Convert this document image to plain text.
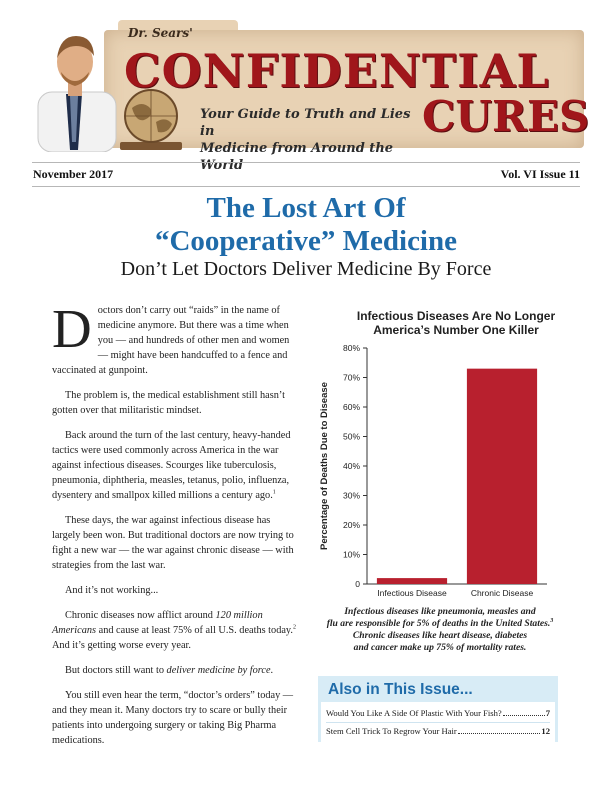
Dr. Sears'
CONFIDENTIAL
Your Guide to Truth and Lies in
Medicine from Around the World
CURES
November 2017	Vol. VI Issue 11
The Lost Art Of
“Cooperative” Medicine
Don’t Let Doctors Deliver Medicine By Force

Doctors don’t carry out “raids” in the name of medicine anymore. But there was a time when you — and hundreds of other men and women — might have been handcuffed to a fence and vaccinated at gunpoint.

The problem is, the medical establishment still hasn’t gotten over that militaristic mindset.

Back around the turn of the last century, heavy-handed tactics were used commonly across America in the war against infectious diseases. Scourges like tuberculosis, pneumonia, diphtheria, measles, tetanus, polio, influenza, dysentery and smallpox killed millions a century ago.$^1$

These days, the war against infectious disease has largely been won. But traditional doctors are now trying to fight a new war — the war against chronic disease — with strategies from the last war.

And it’s not working...

Chronic diseases now afflict around 120 million Americans and cause at least 75% of all U.S. deaths today.$^2$ And it’s getting worse every year.

But doctors still want to deliver medicine by force.

You still even hear the term, “doctor’s orders” today — and they mean it. Many doctors try to scare or bully their patients into undergoing surgery or taking Big Pharma medications.

Infectious Diseases Are No Longer
America’s Number One Killer
0
10%
20%
30%
40%
50%
60%
70%
80%
Percentage of Deaths Due to Disease
Infectious Disease	Chronic Disease
Infectious diseases like pneumonia, measles and
flu are responsible for 5% of deaths in the United States.$^3$ Chronic diseases like heart disease, diabetes
and cancer make up 75% of mortality rates.
Also in This Issue...
Would You Like A Side Of Plastic With Your Fish?	7
Stem Cell Trick To Regrow Your Hair	12
